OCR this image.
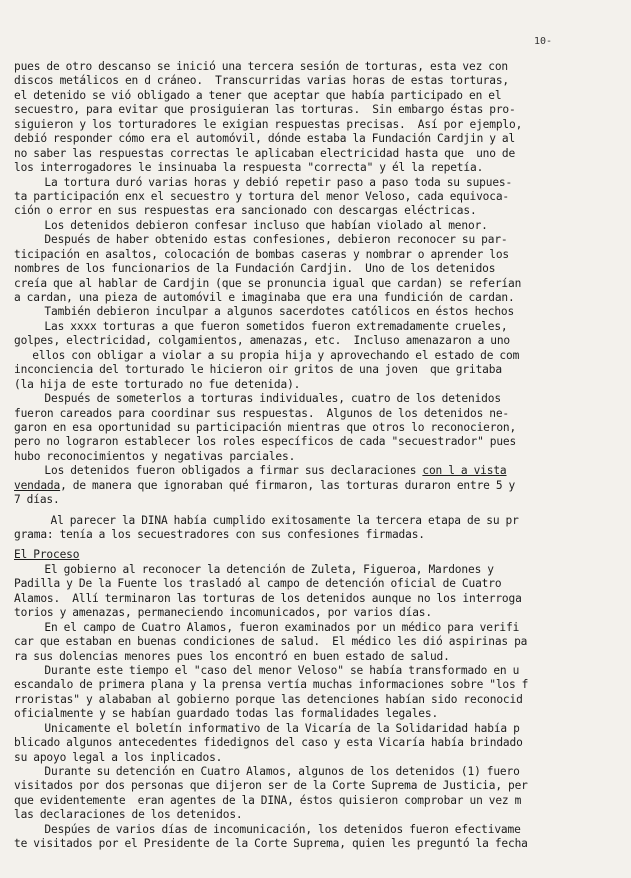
10-
pues de otro descanso se inició una tercera sesión de torturas, esta vez con
discos metálicos en d cráneo.  Transcurridas varias horas de estas torturas,
el detenido se vió obligado a tener que aceptar que había participado en el
secuestro, para evitar que prosiguieran las torturas.  Sin embargo éstas pro-
siguieron y los torturadores le exigian respuestas precisas.  Así por ejemplo,
debió responder cómo era el automóvil, dónde estaba la Fundación Cardjin y al
no saber las respuestas correctas le aplicaban electricidad hasta que  uno de
los interrogadores le insinuaba la respuesta "correcta" y él la repetía.
La tortura duró varias horas y debió repetir paso a paso toda su supues-
ta participación enx el secuestro y tortura del menor Veloso, cada equivoca-
ción o error en sus respuestas era sancionado con descargas eléctricas.
Los detenidos debieron confesar incluso que habían violado al menor.
Después de haber obtenido estas confesiones, debieron reconocer su par-
ticipación en asaltos, colocación de bombas caseras y nombrar o aprender los
nombres de los funcionarios de la Fundación Cardjin.  Uno de los detenidos
creía que al hablar de Cardjin (que se pronuncia igual que cardan) se referían
a cardan, una pieza de automóvil e imaginaba que era una fundición de cardan.
También debieron inculpar a algunos sacerdotes católicos en éstos hechos
Las xxxx torturas a que fueron sometidos fueron extremadamente crueles,
golpes, electricidad, colgamientos, amenazas, etc.  Incluso amenazaron a uno
ellos con obligar a violar a su propia hija y aprovechando el estado de com
inconciencia del torturado le hicieron oir gritos de una joven  que gritaba
(la hija de este torturado no fue detenida).
Después de someterlos a torturas individuales, cuatro de los detenidos
fueron careados para coordinar sus respuestas.  Algunos de los detenidos ne-
garon en esa oportunidad su participación mientras que otros lo reconocieron,
pero no lograron establecer los roles específicos de cada "secuestrador" pues
hubo reconocimientos y negativas parciales.
Los detenidos fueron obligados a firmar sus declaraciones con l a vista
vendada, de manera que ignoraban qué firmaron, las torturas duraron entre 5 y
7 días.
Al parecer la DINA había cumplido exitosamente la tercera etapa de su pr
grama: tenía a los secuestradores con sus confesiones firmadas.
El Proceso
El gobierno al reconocer la detención de Zuleta, Figueroa, Mardones y
Padilla y De la Fuente los trasladó al campo de detención oficial de Cuatro
Alamos.  Allí terminaron las torturas de los detenidos aunque no los interroga
torios y amenazas, permaneciendo incomunicados, por varios días.
En el campo de Cuatro Alamos, fueron examinados por un médico para verifi
car que estaban en buenas condiciones de salud.  El médico les dió aspirinas pa
ra sus dolencias menores pues los encontró en buen estado de salud.
Durante este tiempo el "caso del menor Veloso" se había transformado en u
escandalo de primera plana y la prensa vertía muchas informaciones sobre "los f
rroristas" y alababan al gobierno porque las detenciones habían sido reconocid
oficialmente y se habían guardado todas las formalidades legales.
Unicamente el boletín informativo de la Vicaría de la Solidaridad había p
blicado algunos antecedentes fidedignos del caso y esta Vicaría había brindado
su apoyo legal a los inplicados.
Durante su detención en Cuatro Alamos, algunos de los detenidos (1) fuero
visitados por dos personas que dijeron ser de la Corte Suprema de Justicia, per
que evidentemente  eran agentes de la DINA, éstos quisieron comprobar un vez m
las declaraciones de los detenidos.
Despúes de varios días de incomunicación, los detenidos fueron efectivame
te visitados por el Presidente de la Corte Suprema, quien les preguntó la fecha
